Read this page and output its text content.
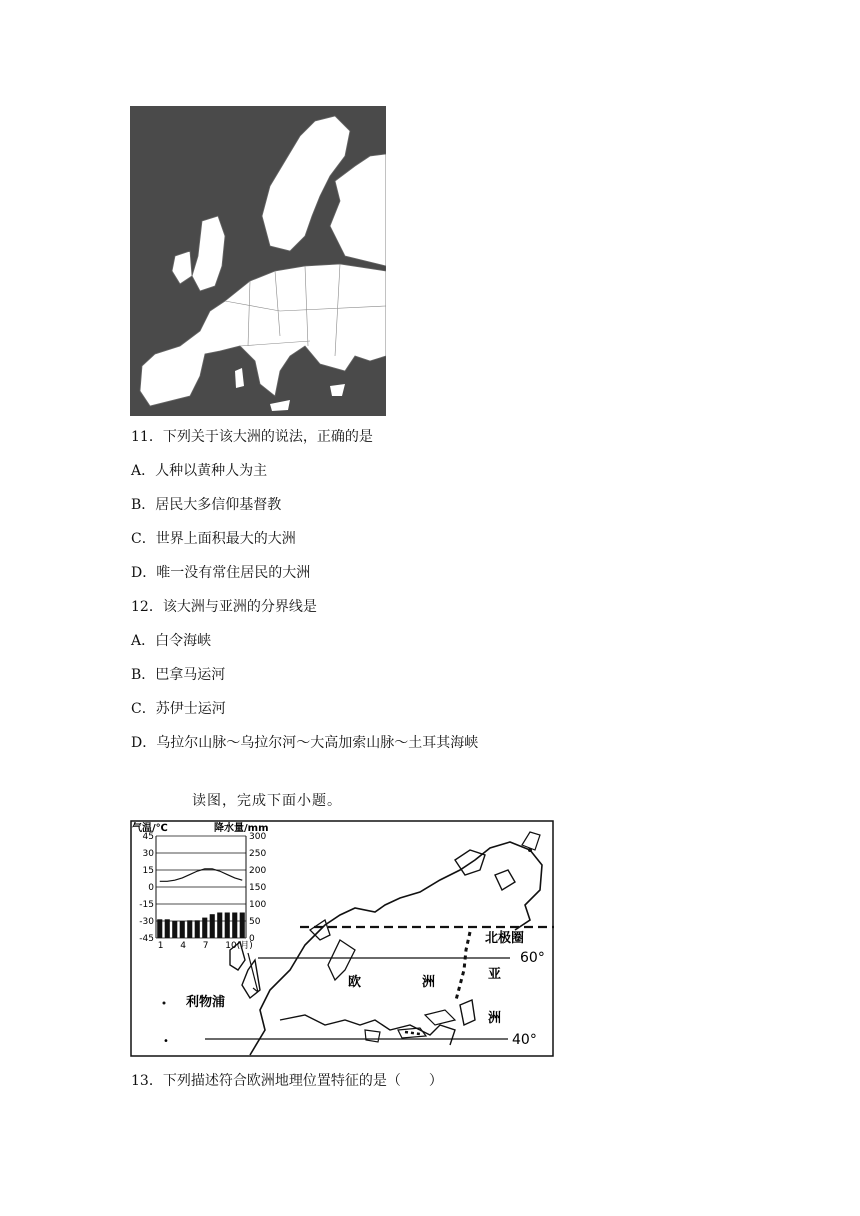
11．下列关于该大洲的说法，正确的是
A．人种以黄种人为主
B．居民大多信仰基督教
C．世界上面积最大的大洲
D．唯一没有常住居民的大洲
12．该大洲与亚洲的分界线是
A．白令海峡
B．巴拿马运河
C．苏伊士运河
D．乌拉尔山脉～乌拉尔河～大高加索山脉～土耳其海峡
读图，完成下面小题。
45
30
15
0
-15
-30
-45
300
250
200
150
100
50
0
1 4 7 10(月)
气温/℃	降水量/mm
北极圈
60°
40°
欧	洲
亚
洲
利物浦
•
13．下列描述符合欧洲地理位置特征的是（　　）
